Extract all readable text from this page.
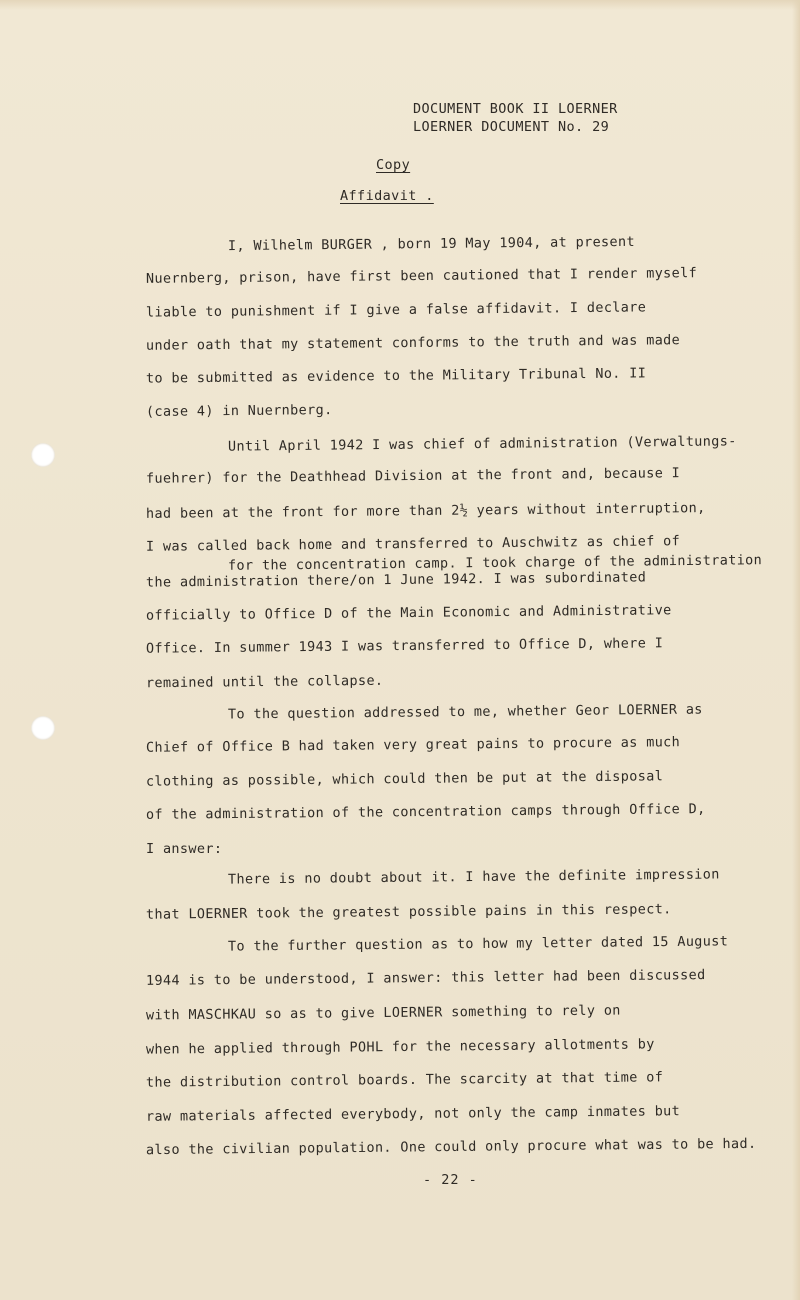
DOCUMENT BOOK II LOERNER
LOERNER DOCUMENT No. 29
Copy
Affidavit .
I, Wilhelm BURGER , born 19 May 1904, at present
Nuernberg, prison, have first been cautioned that I render myself
liable to punishment if I give a false affidavit. I declare
under oath that my statement conforms to the truth and was made
to be submitted as evidence to the Military Tribunal No. II
(case 4) in Nuernberg.
Until April 1942 I was chief of administration (Verwaltungs-
fuehrer) for the Deathhead Division at the front and, because I
had been at the front for more than 2½ years without interruption,
I was called back home and transferred to Auschwitz as chief of
for the concentration camp. I took charge of the administration
the administration there/on 1 June 1942. I was subordinated
officially to Office D of the Main Economic and Administrative
Office. In summer 1943 I was transferred to Office D, where I
remained until the collapse.
To the question addressed to me, whether Geor LOERNER as
Chief of Office B had taken very great pains to procure as much
clothing as possible, which could then be put at the disposal
of the administration of the concentration camps through Office D,
I answer:
There is no doubt about it. I have the definite impression
that LOERNER took the greatest possible pains in this respect.
To the further question as to how my letter dated 15 August
1944 is to be understood, I answer: this letter had been discussed
with MASCHKAU so as to give LOERNER something to rely on
when he applied through POHL for the necessary allotments by
the distribution control boards. The scarcity at that time of
raw materials affected everybody, not only the camp inmates but
also the civilian population. One could only procure what was to be had.
- 22 -
